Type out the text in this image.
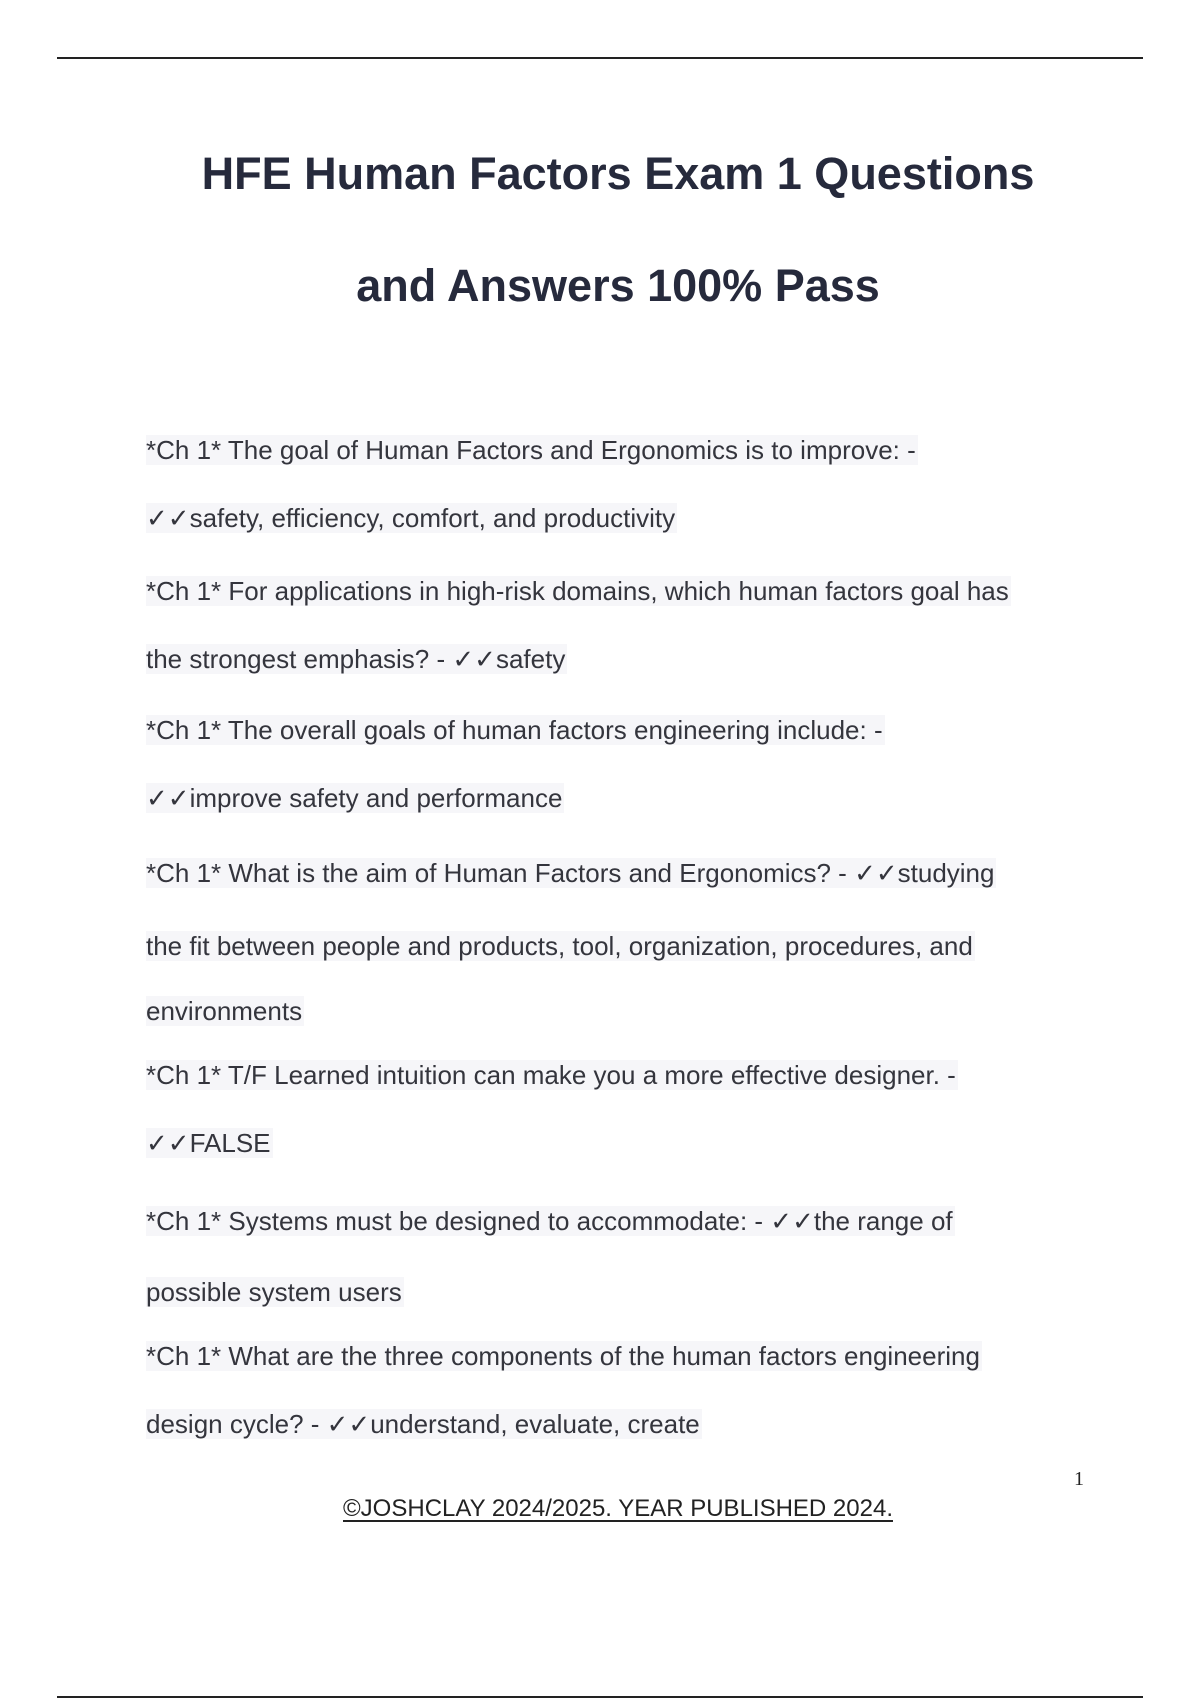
HFE Human Factors Exam 1 Questions
and Answers 100% Pass
*Ch 1* The goal of Human Factors and Ergonomics is to improve: -
✓✓safety, efficiency, comfort, and productivity
*Ch 1* For applications in high-risk domains, which human factors goal has
the strongest emphasis? - ✓✓safety
*Ch 1* The overall goals of human factors engineering include: -
✓✓improve safety and performance
*Ch 1* What is the aim of Human Factors and Ergonomics? - ✓✓studying
the fit between people and products, tool, organization, procedures, and
environments
*Ch 1* T/F Learned intuition can make you a more effective designer. -
✓✓FALSE
*Ch 1* Systems must be designed to accommodate: - ✓✓the range of
possible system users
*Ch 1* What are the three components of the human factors engineering
design cycle? - ✓✓understand, evaluate, create
1
©JOSHCLAY 2024/2025. YEAR PUBLISHED 2024.
